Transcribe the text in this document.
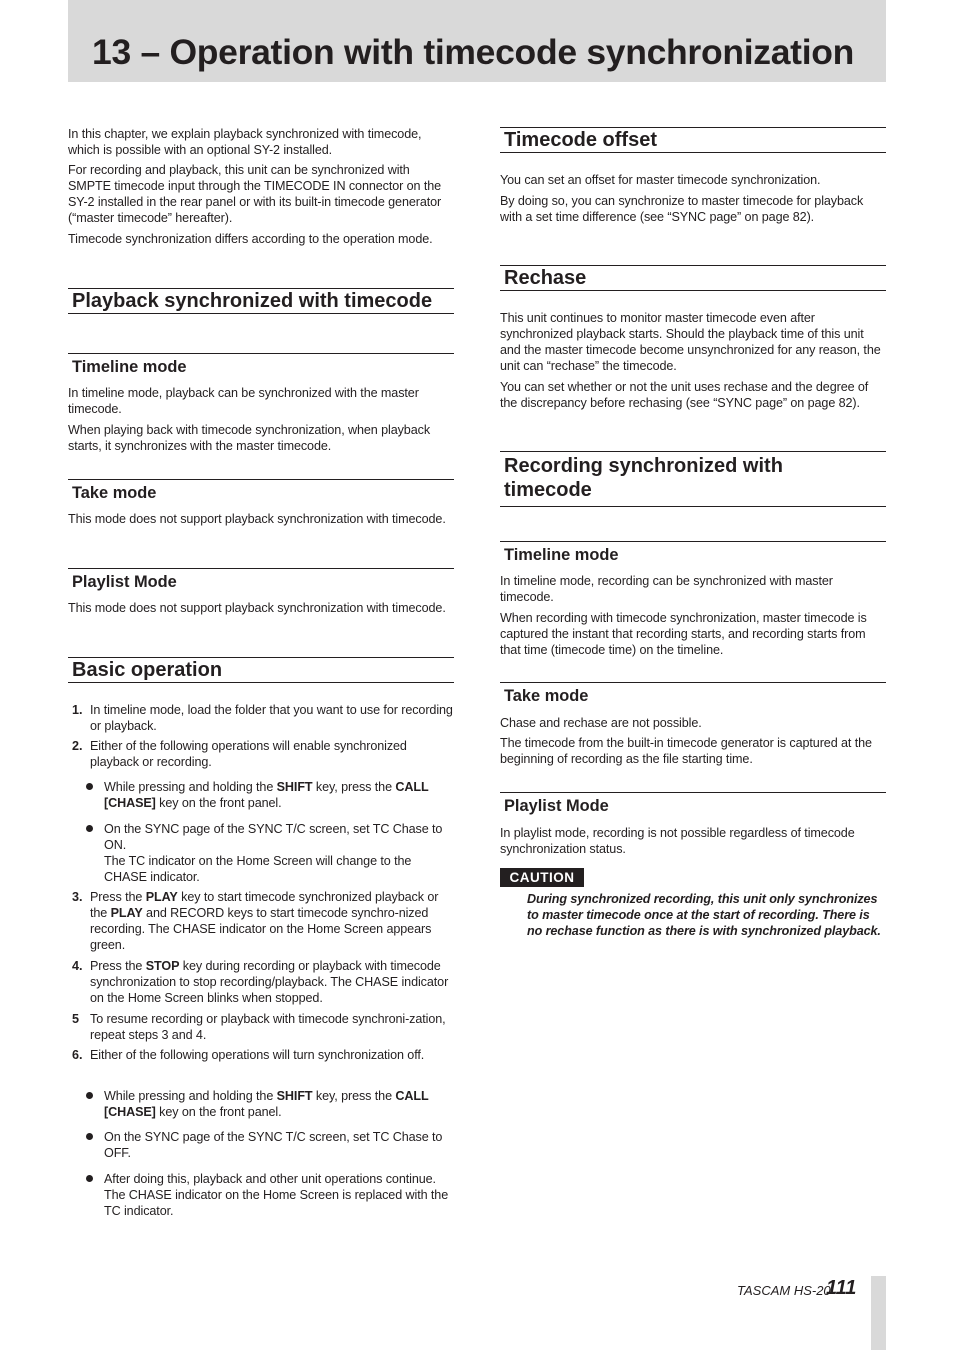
13 – Operation with timecode synchronization

In this chapter, we explain playback synchronized with timecode, which is possible with an optional SY-2 installed.

For recording and playback, this unit can be synchronized with SMPTE timecode input through the TIMECODE IN connector on the SY-2 installed in the rear panel or with its built-in timecode generator (“master timecode” hereafter).

Timecode synchronization differs according to the operation mode.

Playback synchronized with timecode
Timeline mode

In timeline mode, playback can be synchronized with the master timecode.

When playing back with timecode synchronization, when playback starts, it synchronizes with the master timecode.

Take mode

This mode does not support playback synchronization with timecode.

Playlist Mode

This mode does not support playback synchronization with timecode.

Basic operation
1. In timeline mode, load the folder that you want to use for recording or playback.

2. Either of the following operations will enable synchronized playback or recording.

While pressing and holding the SHIFT key, press the CALL [CHASE] key on the front panel.

On the SYNC page of the SYNC T/C screen, set TC Chase to ON.
The TC indicator on the Home Screen will change to the CHASE indicator.

3. Press the PLAY key to start timecode synchronized playback or the PLAY and RECORD keys to start timecode synchro-nized recording. The CHASE indicator on the Home Screen appears green.

4. Press the STOP key during recording or playback with timecode synchronization to stop recording/playback. The CHASE indicator on the Home Screen blinks when stopped.

5 To resume recording or playback with timecode synchroni-zation, repeat steps 3 and 4.

6. Either of the following operations will turn synchronization off.

While pressing and holding the SHIFT key, press the CALL [CHASE] key on the front panel.

On the SYNC page of the SYNC T/C screen, set TC Chase to OFF.

After doing this, playback and other unit operations continue. The CHASE indicator on the Home Screen is replaced with the TC indicator.

Timecode offset

You can set an offset for master timecode synchronization.

By doing so, you can synchronize to master timecode for playback with a set time difference (see “SYNC page” on page 82).

Rechase

This unit continues to monitor master timecode even after synchronized playback starts. Should the playback time of this unit and the master timecode become unsynchronized for any reason, the unit can “rechase” the timecode.

You can set whether or not the unit uses rechase and the degree of the discrepancy before rechasing (see “SYNC page” on page 82).

Recording synchronized with timecode
Timeline mode

In timeline mode, recording can be synchronized with master timecode.

When recording with timecode synchronization, master timecode is captured the instant that recording starts, and recording starts from that time (timecode time) on the timeline.

Take mode

Chase and rechase are not possible.

The timecode from the built-in timecode generator is captured at the beginning of recording as the file starting time.

Playlist Mode

In playlist mode, recording is not possible regardless of timecode synchronization status.

CAUTION

During synchronized recording, this unit only synchronizes to master timecode once at the start of recording. There is no rechase function as there is with synchronized playback.

TASCAM HS-20
111
